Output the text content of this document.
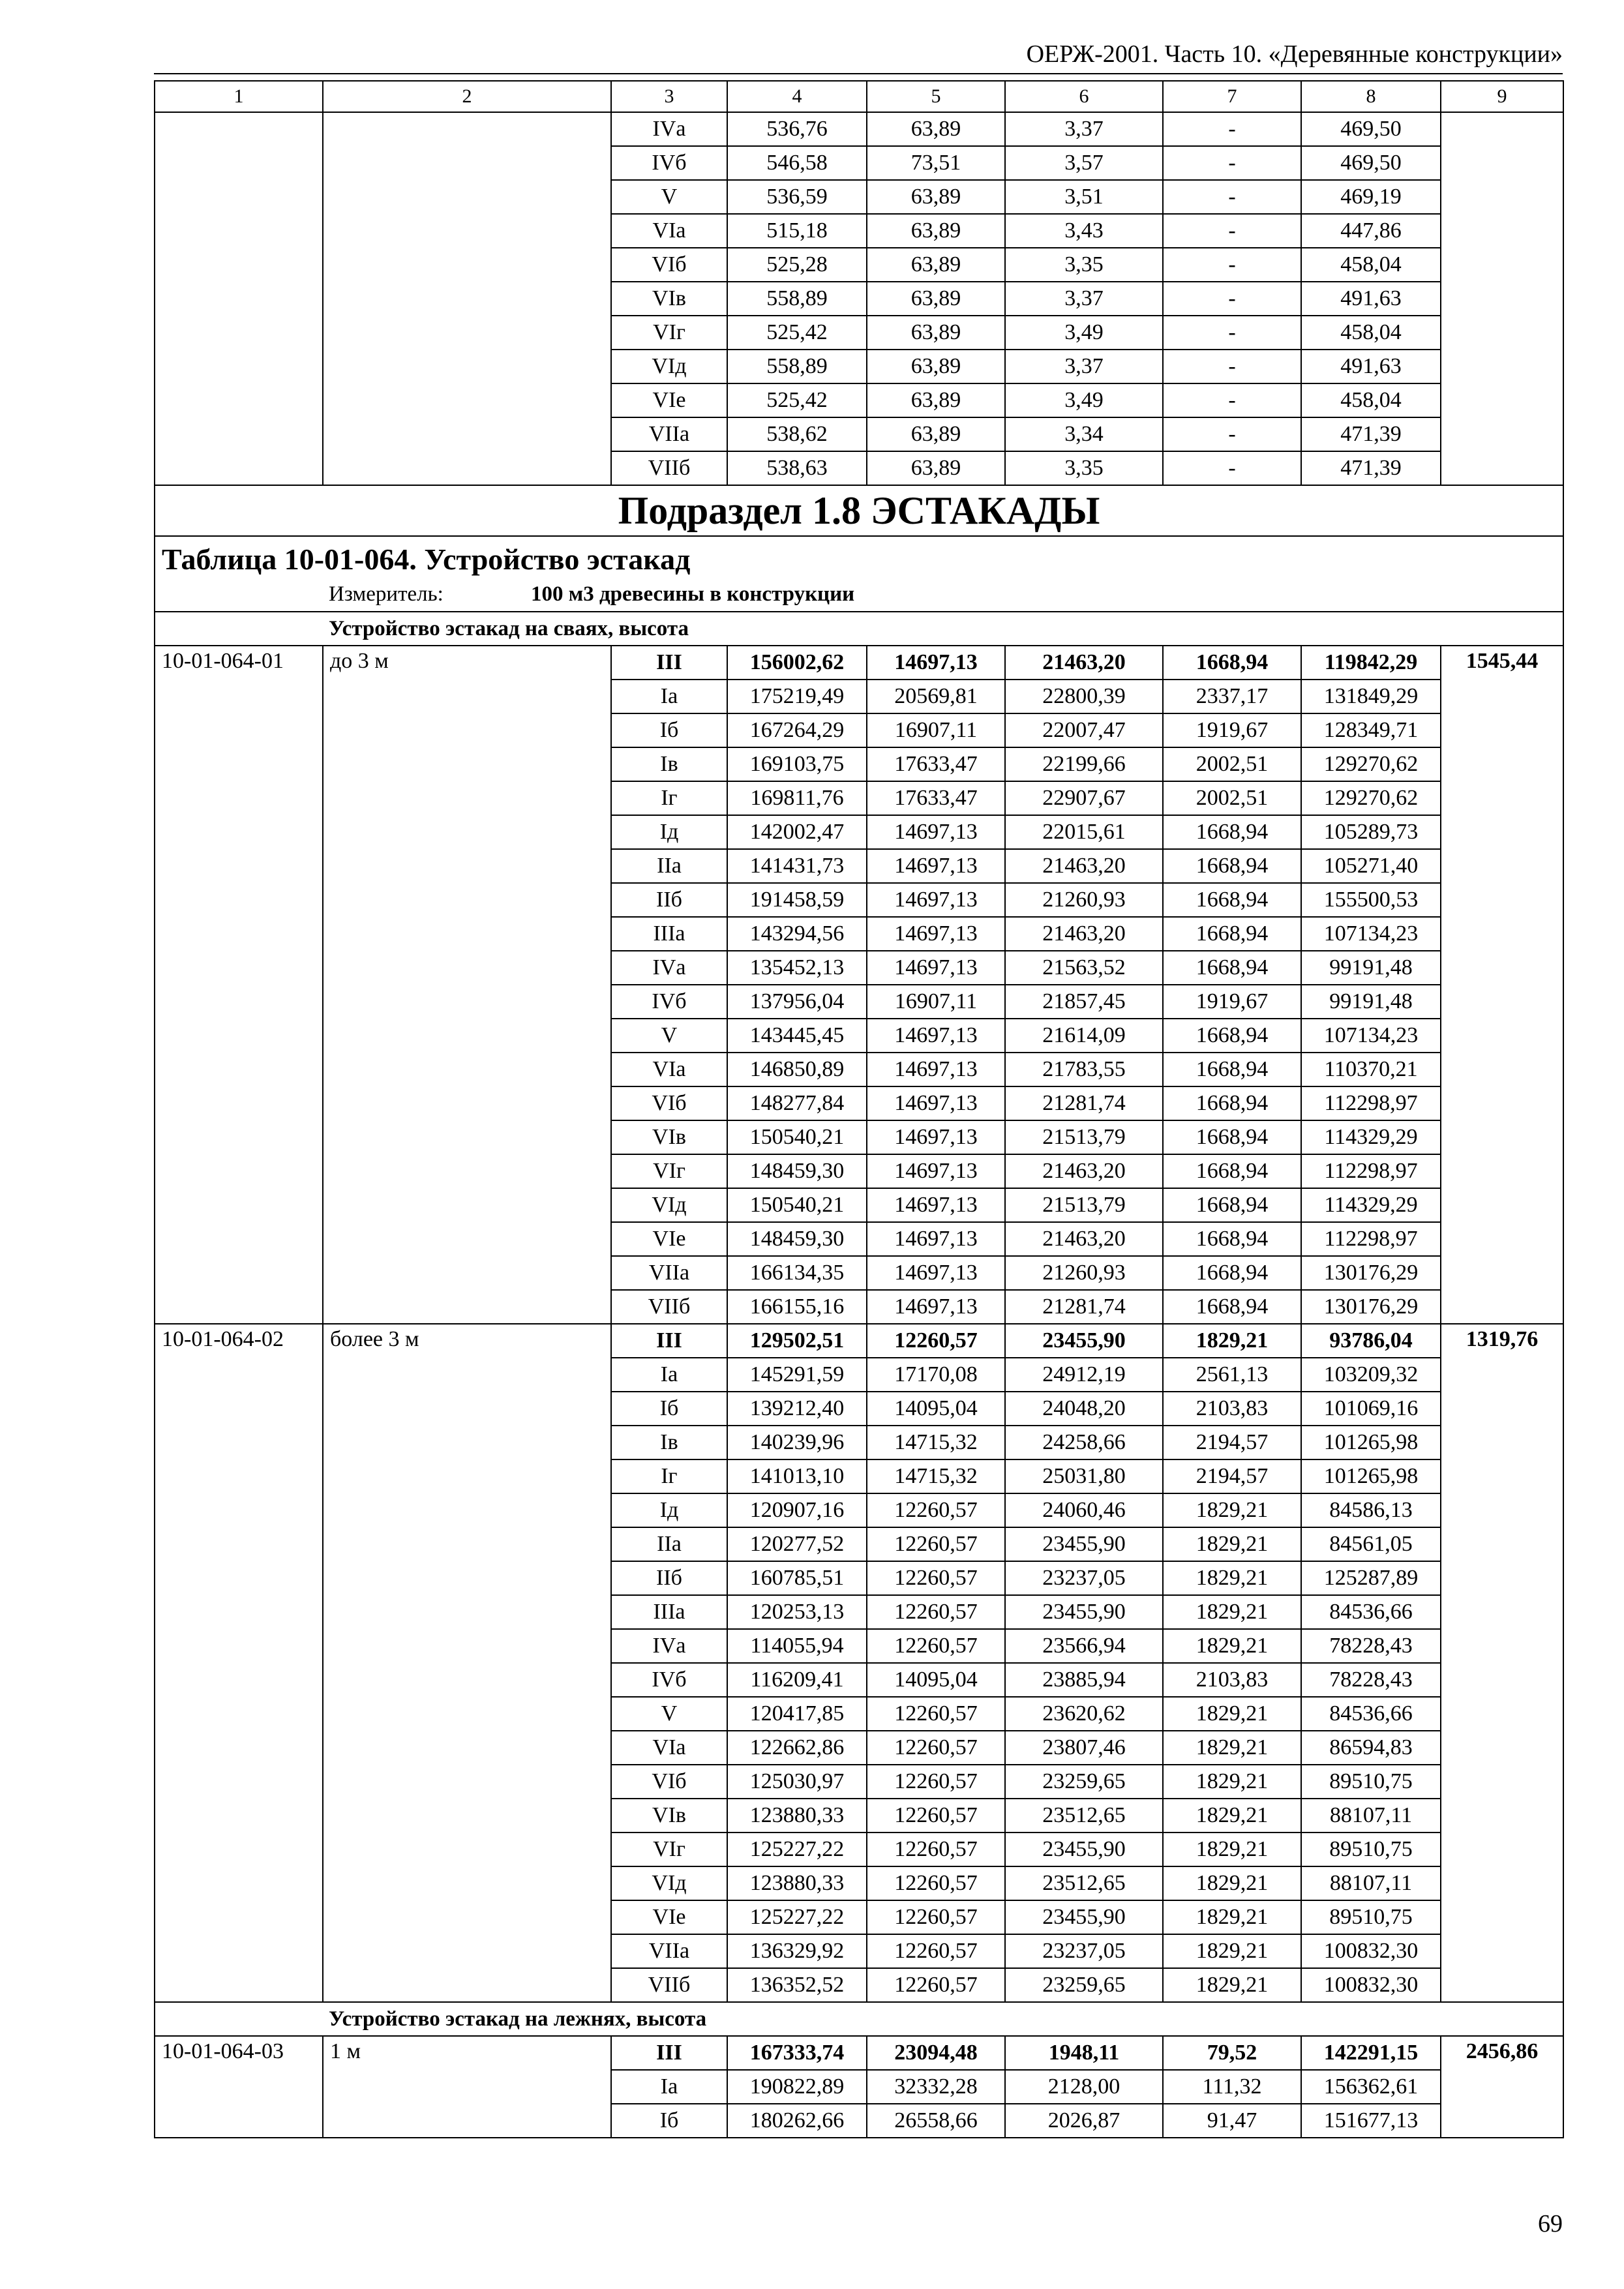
ОЕРЖ-2001. Часть 10. «Деревянные конструкции»
1	2	3	4	5	6	7	8	9
		IVа	536,76	63,89	3,37	-	469,50	
		IVб	546,58	73,51	3,57	-	469,50	
		V	536,59	63,89	3,51	-	469,19	
		VIа	515,18	63,89	3,43	-	447,86	
		VIб	525,28	63,89	3,35	-	458,04	
		VIв	558,89	63,89	3,37	-	491,63	
		VIг	525,42	63,89	3,49	-	458,04	
		VIд	558,89	63,89	3,37	-	491,63	
		VIе	525,42	63,89	3,49	-	458,04	
		VIIа	538,62	63,89	3,34	-	471,39	
		VIIб	538,63	63,89	3,35	-	471,39	
Подраздел 1.8 ЭСТАКАДЫ								

Таблица 10-01-064. Устройство эстакад
Измеритель: 100 м3 древесины в конструкции								

Устройство эстакад на сваях, высота								
10-01-064-01	до 3 м	III	156002,62	14697,13	21463,20	1668,94	119842,29	1545,44
		Iа	175219,49	20569,81	22800,39	2337,17	131849,29	
		Iб	167264,29	16907,11	22007,47	1919,67	128349,71	
		Iв	169103,75	17633,47	22199,66	2002,51	129270,62	
		Iг	169811,76	17633,47	22907,67	2002,51	129270,62	
		Iд	142002,47	14697,13	22015,61	1668,94	105289,73	
		IIа	141431,73	14697,13	21463,20	1668,94	105271,40	
		IIб	191458,59	14697,13	21260,93	1668,94	155500,53	
		IIIа	143294,56	14697,13	21463,20	1668,94	107134,23	
		IVа	135452,13	14697,13	21563,52	1668,94	99191,48	
		IVб	137956,04	16907,11	21857,45	1919,67	99191,48	
		V	143445,45	14697,13	21614,09	1668,94	107134,23	
		VIа	146850,89	14697,13	21783,55	1668,94	110370,21	
		VIб	148277,84	14697,13	21281,74	1668,94	112298,97	
		VIв	150540,21	14697,13	21513,79	1668,94	114329,29	
		VIг	148459,30	14697,13	21463,20	1668,94	112298,97	
		VIд	150540,21	14697,13	21513,79	1668,94	114329,29	
		VIе	148459,30	14697,13	21463,20	1668,94	112298,97	
		VIIа	166134,35	14697,13	21260,93	1668,94	130176,29	
		VIIб	166155,16	14697,13	21281,74	1668,94	130176,29	
10-01-064-02	более 3 м	III	129502,51	12260,57	23455,90	1829,21	93786,04	1319,76
		Iа	145291,59	17170,08	24912,19	2561,13	103209,32	
		Iб	139212,40	14095,04	24048,20	2103,83	101069,16	
		Iв	140239,96	14715,32	24258,66	2194,57	101265,98	
		Iг	141013,10	14715,32	25031,80	2194,57	101265,98	
		Iд	120907,16	12260,57	24060,46	1829,21	84586,13	
		IIа	120277,52	12260,57	23455,90	1829,21	84561,05	
		IIб	160785,51	12260,57	23237,05	1829,21	125287,89	
		IIIа	120253,13	12260,57	23455,90	1829,21	84536,66	
		IVа	114055,94	12260,57	23566,94	1829,21	78228,43	
		IVб	116209,41	14095,04	23885,94	2103,83	78228,43	
		V	120417,85	12260,57	23620,62	1829,21	84536,66	
		VIа	122662,86	12260,57	23807,46	1829,21	86594,83	
		VIб	125030,97	12260,57	23259,65	1829,21	89510,75	
		VIв	123880,33	12260,57	23512,65	1829,21	88107,11	
		VIг	125227,22	12260,57	23455,90	1829,21	89510,75	
		VIд	123880,33	12260,57	23512,65	1829,21	88107,11	
		VIе	125227,22	12260,57	23455,90	1829,21	89510,75	
		VIIа	136329,92	12260,57	23237,05	1829,21	100832,30	
		VIIб	136352,52	12260,57	23259,65	1829,21	100832,30	
Устройство эстакад на лежнях, высота								
10-01-064-03	1 м	III	167333,74	23094,48	1948,11	79,52	142291,15	2456,86
		Iа	190822,89	32332,28	2128,00	111,32	156362,61	
		Iб	180262,66	26558,66	2026,87	91,47	151677,13	
69
